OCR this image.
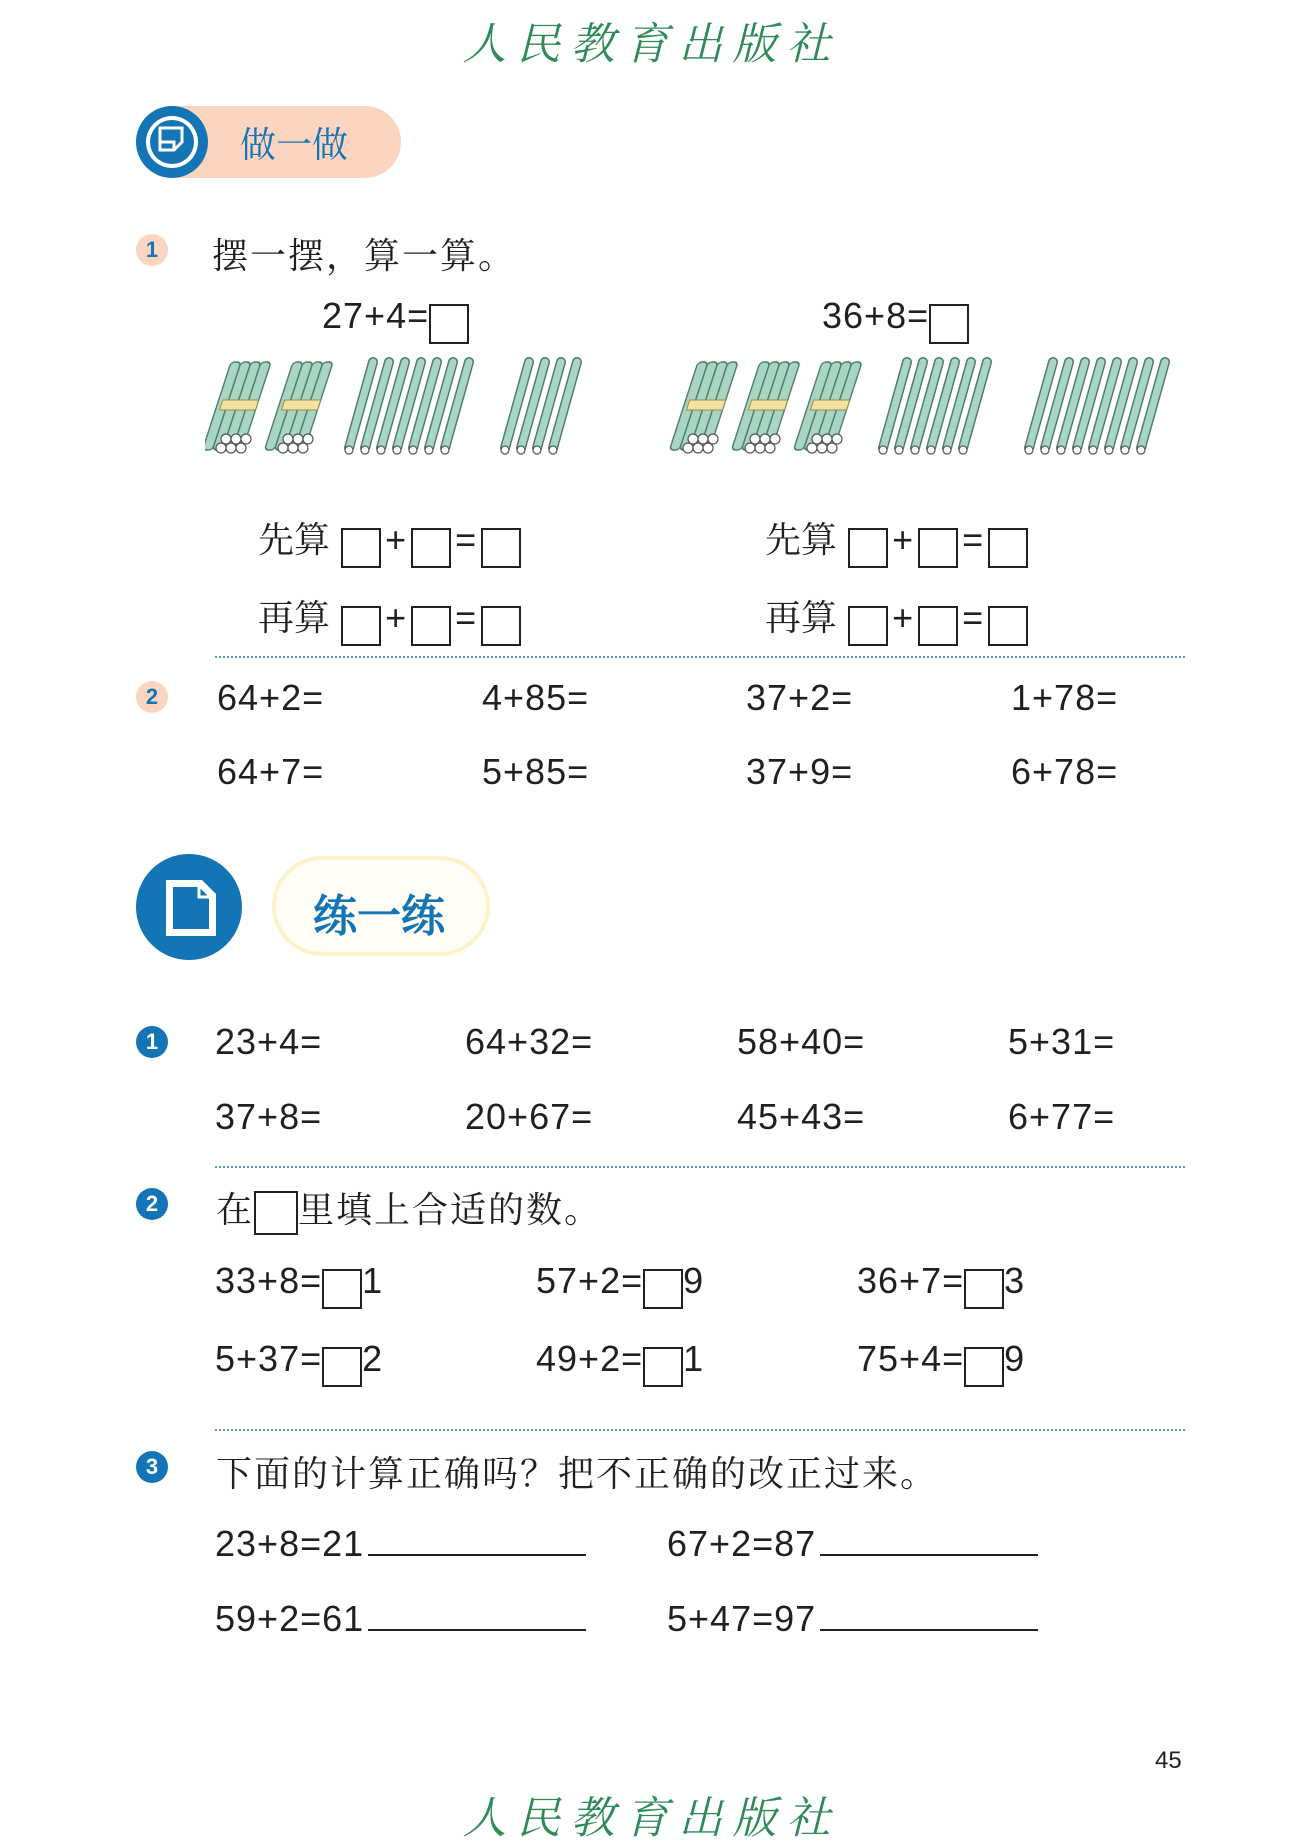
人民教育出版社
做一做
1 摆一摆，算一算。
27+4=	36+8=
先算 + =
再算 + =
先算 + =
再算 + =
2 64+2=	4+85=	37+2=	1+78=
64+7=	5+85=	37+9=	6+78=
练一练
1 23+4=	64+32=	58+40=	5+31=
37+8=	20+67=	45+43=	6+77=
2 在 里填上合适的数。
33+8= 1	57+2= 9	36+7= 3
5+37= 2	49+2= 1	75+4= 9
3 下面的计算正确吗？把不正确的改正过来。
23+8=21	67+2=87
59+2=61	5+47=97
45
人民教育出版社
